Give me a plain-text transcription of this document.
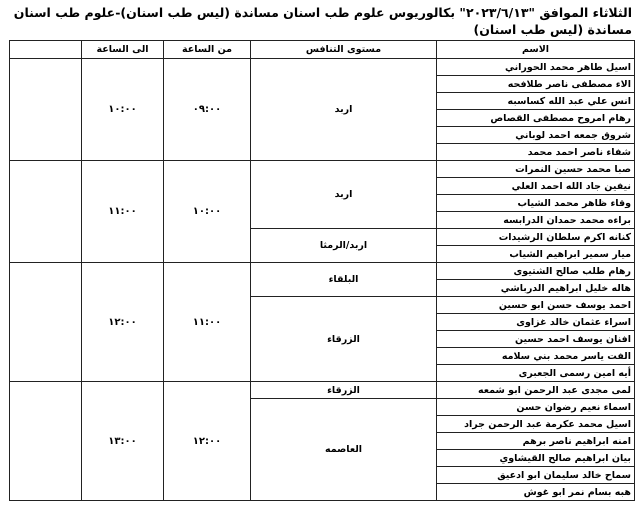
الثلاثاء الموافق "٢٠٢٣/٦/١٣" بكالوريوس علوم طب اسنان مساندة (ليس طب اسنان)-علوم طب اسنان
مساندة (ليس طب اسنان)
الاسم	مستوى التنافس	من الساعة	الى الساعة	
اسيل طاهر محمد الحوراني	اربد	٠٩:٠٠	١٠:٠٠	
الاء مصطفى ناصر طلافحه				
انس علي عبد الله كساسبه				
رهام امروح مصطفى القصاص				
شروق جمعه احمد لوباني				
شفاء ناصر احمد محمد				
صبا محمد حسين النمرات	اربد	١٠:٠٠	١١:٠٠	
نيفين جاد الله احمد العلي				
وقاء ظاهر محمد الشياب				
براءه محمد حمدان الدرابسه				
كنانه اكرم سلطان الرشيدات	اربد/الرمثا			
ميار سمير ابراهيم الشياب				
رهام طلب صالح الشتيوى	البلقاء	١١:٠٠	١٢:٠٠	
هاله خليل ابراهيم الدرباشي				
احمد يوسف حسن ابو حسين	الزرقاء			
اسراء عثمان خالد غزاوى				
افنان يوسف احمد حسين				
الفت ياسر محمد بني سلامه				
أيه امين رسمى الجعبرى				
لمى مجدى عبد الرحمن ابو شمعه	الزرقاء	١٢:٠٠	١٣:٠٠	
اسماء نعيم رضوان حسن	العاصمه			
اسيل محمد عكرمة عبد الرحمن جراد				
امنه ابراهيم ناصر برهم				
بيان ابراهيم صالح القيشاوي				
سماح خالد سليمان ابو ادعيق				
هبه بسام نمر ابو غوش				
